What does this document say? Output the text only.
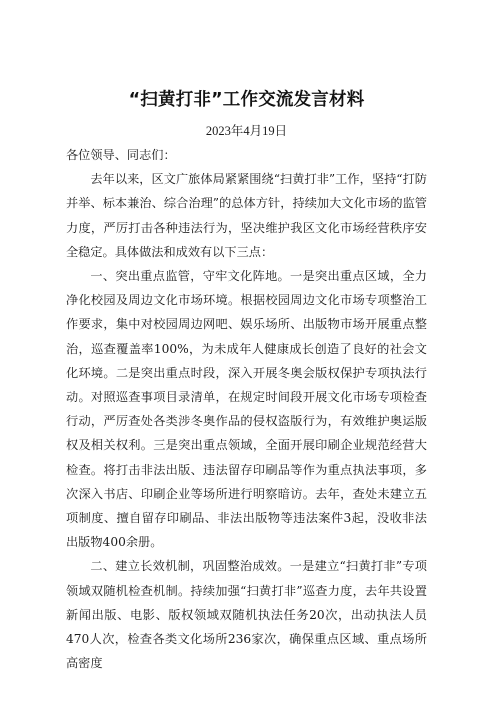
“扫黄打非”工作交流发言材料
2023年4月19日

各位领导、同志们：

去年以来，区文广旅体局紧紧围绕“扫黄打非”工作，坚持“打防并举、标本兼治、综合治理”的总体方针，持续加大文化市场的监管力度，严厉打击各种违法行为，坚决维护我区文化市场经营秩序安全稳定。具体做法和成效有以下三点：

一、突出重点监管，守牢文化阵地。一是突出重点区域，全力净化校园及周边文化市场环境。根据校园周边文化市场专项整治工作要求，集中对校园周边网吧、娱乐场所、出版物市场开展重点整治，巡查覆盖率100%，为未成年人健康成长创造了良好的社会文化环境。二是突出重点时段，深入开展冬奥会版权保护专项执法行动。对照巡查事项目录清单，在规定时间段开展文化市场专项检查行动，严厉查处各类涉冬奥作品的侵权盗版行为，有效维护奥运版权及相关权利。三是突出重点领域，全面开展印刷企业规范经营大检查。将打击非法出版、违法留存印刷品等作为重点执法事项，多次深入书店、印刷企业等场所进行明察暗访。去年，查处未建立五项制度、擅自留存印刷品、非法出版物等违法案件3起，没收非法出版物400余册。

二、建立长效机制，巩固整治成效。一是建立“扫黄打非”专项领域双随机检查机制。持续加强“扫黄打非”巡查力度，去年共设置新闻出版、电影、版权领域双随机执法任务20次，出动执法人员470人次，检查各类文化场所236家次，确保重点区域、重点场所高密度
